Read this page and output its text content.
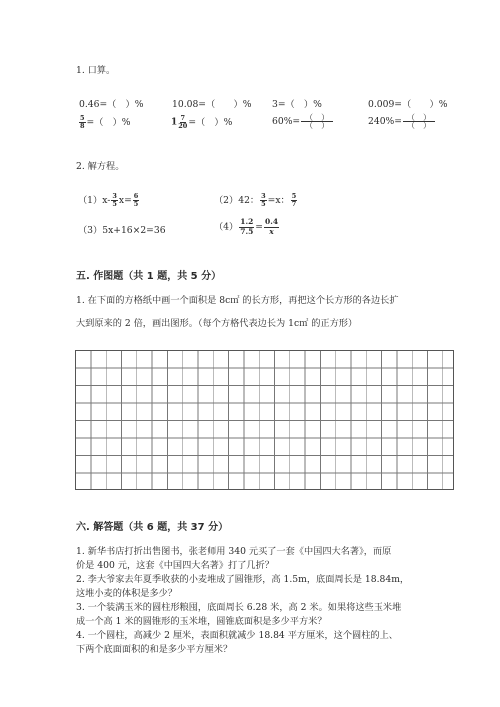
1. 口算。
0.46=（　）%	10.08=（　　）% 3=（　）%	0.009=（　　）%
$\frac{5}{8}$ =（　）%	$1 \frac{7}{20}$ =（　）%	$60\%= \frac{( )}{( )}$	$240\%= \frac{( )}{( )}$
2. 解方程。
$(1)x- \frac{3}{5} x= \frac{6}{5}$	（2）42： $\frac{3}{5} =x$： $\frac{5}{7}$
（3）5x+16×2=36	$(4) \frac{1.2}{7.5} = \frac{0.4}{x}$
五. 作图题（共 1 题，共 5 分）
1. 在下面的方格纸中画一个面积是 8c㎡ 的长方形，再把这个长方形的各边长扩
大到原来的 2 倍，画出图形。（每个方格代表边长为 1c㎡ 的正方形）
六. 解答题（共 6 题，共 37 分）
1. 新华书店打折出售图书，张老师用 340 元买了一套《中国四大名著》，而原
价是 400 元，这套《中国四大名著》打了几折？
2. 李大爷家去年夏季收获的小麦堆成了圆锥形，高 1.5m，底面周长是 18.84m，
这堆小麦的体积是多少？
3. 一个装满玉米的圆柱形粮囤，底面周长 6.28 米，高 2 米。如果将这些玉米堆
成一个高 1 米的圆锥形的玉米堆，圆锥底面积是多少平方米？
4. 一个圆柱，高减少 2 厘米，表面积就减少 18.84 平方厘米，这个圆柱的上、
下两个底面面积的和是多少平方厘米？
